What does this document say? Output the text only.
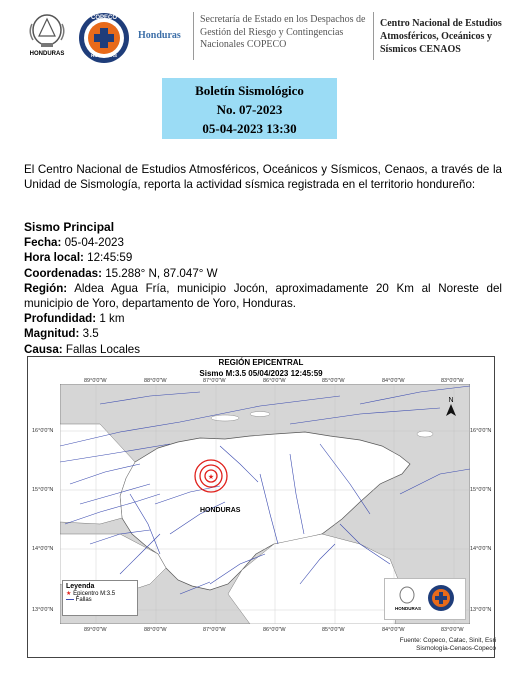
HONDURAS
COPECO
HONDURAS
Honduras
Secretaría de Estado en los Despachos de Gestión del Riesgo y Contingencias Nacionales COPECO
Centro Nacional de Estudios Atmosféricos, Oceánicos y Sísmicos CENAOS
Boletín Sismológico
No. 07-2023
05-04-2023 13:30
El Centro Nacional de Estudios Atmosféricos, Oceánicos y Sísmicos, Cenaos, a través de la Unidad de Sismología, reporta la actividad sísmica registrada en el territorio hondureño:
Sismo Principal
Fecha: 05-04-2023
Hora local: 12:45:59
Coordenadas: 15.288° N, 87.047° W
Región: Aldea Agua Fría, municipio Jocón, aproximadamente 20 Km al Noreste del municipio de Yoro, departamento de Yoro, Honduras.
Profundidad: 1 km
Magnitud: 3.5
Causa: Fallas Locales
REGIÓN EPICENTRAL
Sismo M:3.5 05/04/2023 12:45:59
★
HONDURAS
N
89°0'0"W	88°0'0"W	87°0'0"W	86°0'0"W	85°0'0"W	84°0'0"W	83°0'0"W
89°0'0"W	88°0'0"W	87°0'0"W	86°0'0"W	85°0'0"W	84°0'0"W	83°0'0"W
16°0'0"N
15°0'0"N
14°0'0"N
13°0'0"N
16°0'0"N
15°0'0"N
14°0'0"N
13°0'0"N
Leyenda
★ Epicentro M:3.5
Fallas
HONDURAS
Fuente: Copeco, Catac, Sinit, Esri
Sismología-Cenaos-Copeco
